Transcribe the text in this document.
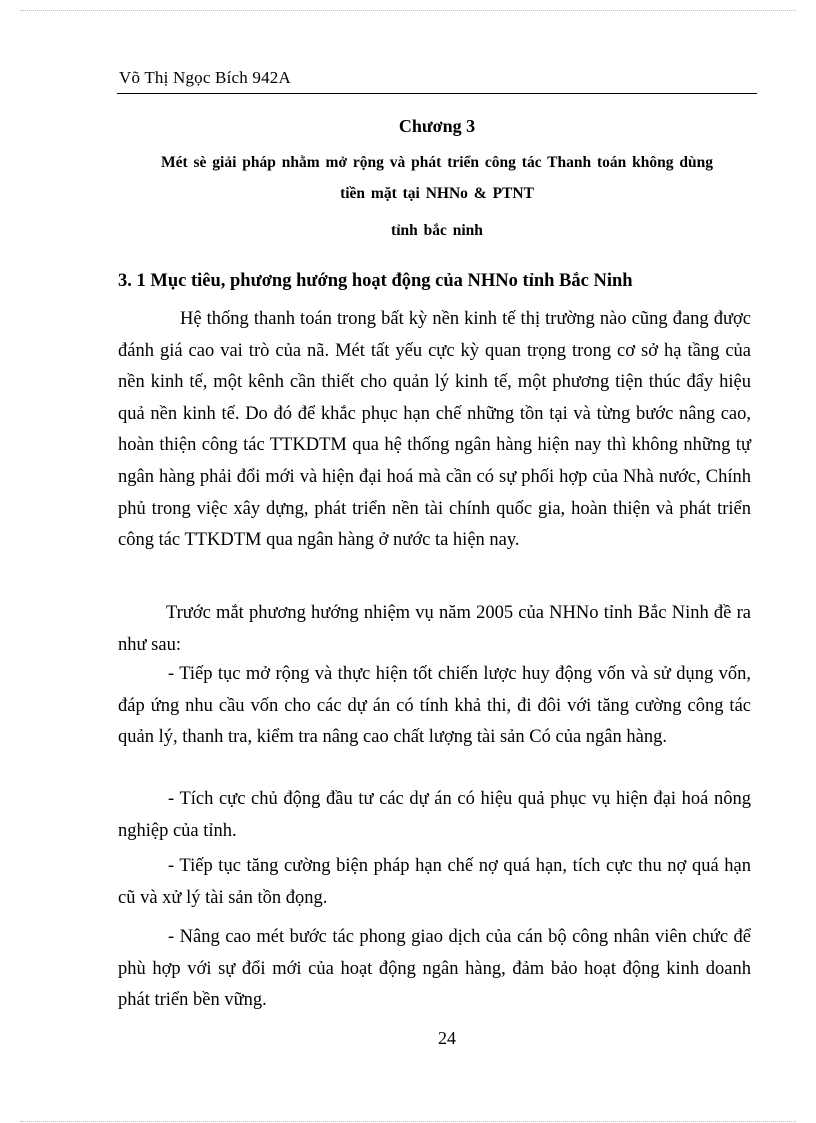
Võ Thị Ngọc Bích 942A
Chương 3
Mét sè giải pháp nhằm mở rộng và phát triển công tác Thanh toán không dùng
tiền mặt tại NHNo & PTNT
tỉnh bắc ninh
3. 1 Mục tiêu, phương hướng hoạt động của NHNo tỉnh Bắc Ninh
Hệ thống thanh toán trong bất kỳ nền kinh tế thị trường nào cũng đang được đánh giá cao vai trò của nã. Mét tất yếu cực kỳ quan trọng trong cơ sở hạ tầng của nền kinh tế, một kênh cần thiết cho quản lý kinh tế, một phương tiện thúc đẩy hiệu quả nền kinh tế. Do đó để khắc phục hạn chế những tồn tại và từng bước nâng cao, hoàn thiện công tác TTKDTM qua hệ thống ngân hàng hiện nay thì không những tự ngân hàng phải đổi mới và hiện đại hoá mà cần có sự phối hợp của Nhà nước, Chính phủ trong việc xây dựng, phát triển nền tài chính quốc gia, hoàn thiện và phát triển công tác TTKDTM qua ngân hàng ở nước ta hiện nay.
Trước mắt phương hướng nhiệm vụ năm 2005 của NHNo tỉnh Bắc Ninh đề ra như sau:
- Tiếp tục mở rộng và thực hiện tốt chiến lược huy động vốn và sử dụng vốn, đáp ứng nhu cầu vốn cho các dự án có tính khả thi, đi đôi với tăng cường công tác quản lý, thanh tra, kiểm tra nâng cao chất lượng tài sản Có của ngân hàng.
- Tích cực chủ động đầu tư các dự án có hiệu quả phục vụ hiện đại hoá nông nghiệp của tỉnh.
- Tiếp tục tăng cường biện pháp hạn chế nợ quá hạn, tích cực thu nợ quá hạn cũ và xử lý tài sản tồn đọng.
- Nâng cao mét bước tác phong giao dịch của cán bộ công nhân viên chức để phù hợp với sự đổi mới của hoạt động ngân hàng, đảm bảo hoạt động kinh doanh phát triển bền vững.
24
